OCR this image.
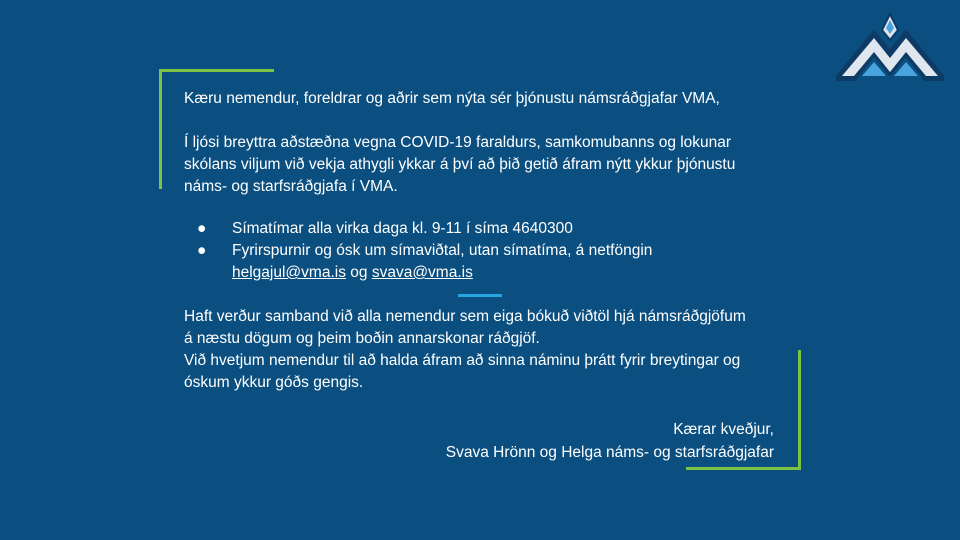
Kæru nemendur, foreldrar og aðrir sem nýta sér þjónustu námsráðgjafar VMA,

Í ljósi breyttra aðstæðna vegna COVID-19 faraldurs, samkomubanns og lokunar
skólans viljum við vekja athygli ykkar á því að þið getið áfram nýtt ykkur þjónustu
náms- og starfsráðgjafa í VMA.

● Símatímar alla virka daga kl. 9-11 í síma 4640300
● Fyrirspurnir og ósk um símaviðtal, utan símatíma, á netföngin
helgajul@vma.is og svava@vma.is

Haft verður samband við alla nemendur sem eiga bókuð viðtöl hjá námsráðgjöfum
á næstu dögum og þeim boðin annarskonar ráðgjöf.
Við hvetjum nemendur til að halda áfram að sinna náminu þrátt fyrir breytingar og
óskum ykkur góðs gengis.

Kærar kveðjur,

Svava Hrönn og Helga náms- og starfsráðgjafar
